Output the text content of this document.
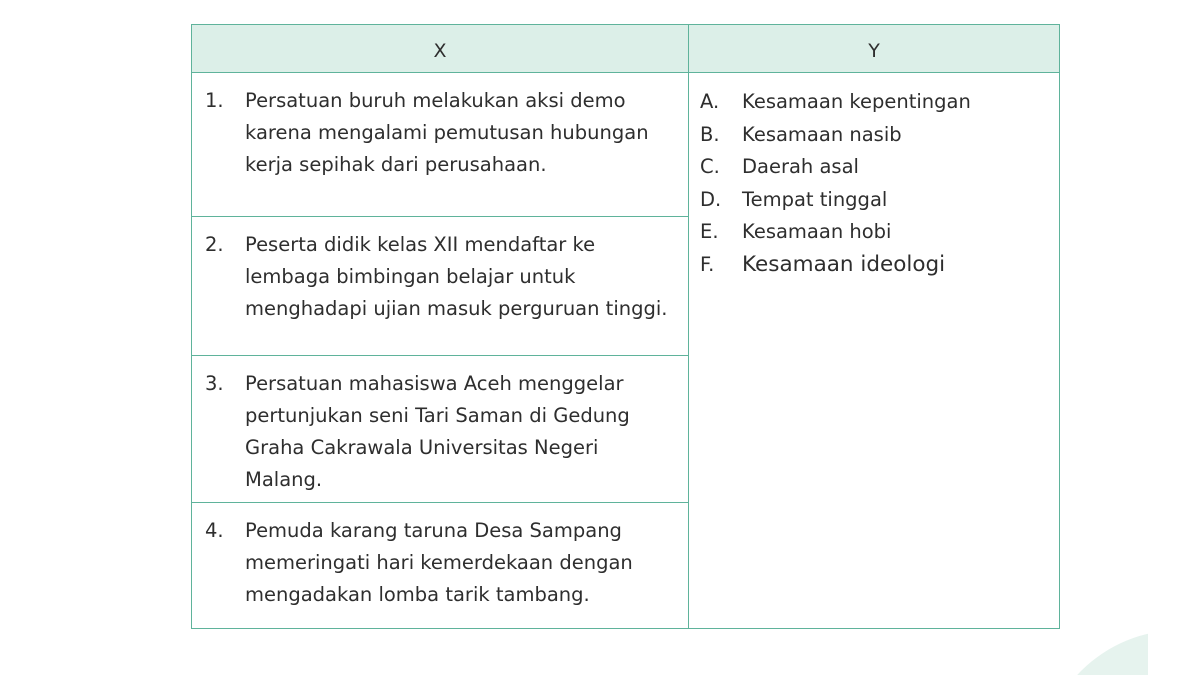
X	Y
1.	Persatuan buruh melakukan aksi demo karena mengalami pemutusan hubungan kerja sepihak dari perusahaan.
2.	Peserta didik kelas XII mendaftar ke lembaga bimbingan belajar untuk menghadapi ujian masuk perguruan tinggi.
3.	Persatuan mahasiswa Aceh menggelar pertunjukan seni Tari Saman di Gedung Graha Cakrawala Universitas Negeri Malang.
4.	Pemuda karang taruna Desa Sampang memeringati hari kemerdekaan dengan mengadakan lomba tarik tambang.
A.	Kesamaan kepentingan
B.	Kesamaan nasib
C.	Daerah asal
D.	Tempat tinggal
E.	Kesamaan hobi
F.	Kesamaan ideologi
